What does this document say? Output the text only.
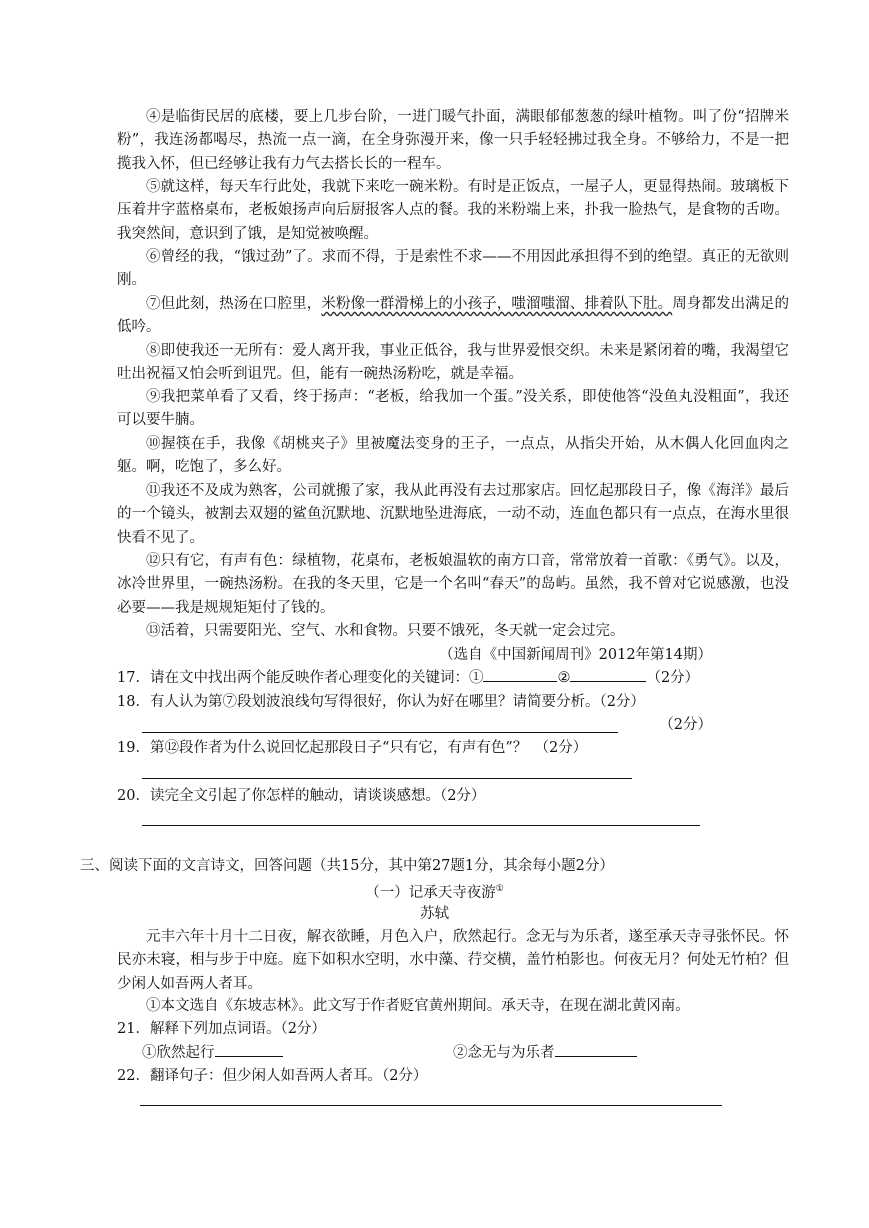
④是临街民居的底楼，要上几步台阶，一进门暖气扑面，满眼郁郁葱葱的绿叶植物。叫了份“招牌米粉”，我连汤都喝尽，热流一点一滴，在全身弥漫开来，像一只手轻轻拂过我全身。不够给力，不是一把揽我入怀，但已经够让我有力气去搭长长的一程车。

⑤就这样，每天车行此处，我就下来吃一碗米粉。有时是正饭点，一屋子人，更显得热闹。玻璃板下压着井字蓝格桌布，老板娘扬声向后厨报客人点的餐。我的米粉端上来，扑我一脸热气，是食物的舌吻。我突然间，意识到了饿，是知觉被唤醒。

⑥曾经的我，“饿过劲”了。求而不得，于是索性不求——不用因此承担得不到的绝望。真正的无欲则刚。

⑦但此刻，热汤在口腔里，米粉像一群滑梯上的小孩子，嗤溜嗤溜、排着队下肚。周身都发出满足的低吟。

⑧即使我还一无所有：爱人离开我，事业正低谷，我与世界爱恨交织。未来是紧闭着的嘴，我渴望它吐出祝福又怕会听到诅咒。但，能有一碗热汤粉吃，就是幸福。

⑨我把菜单看了又看，终于扬声：“老板，给我加一个蛋。”没关系，即使他答“没鱼丸没粗面”，我还可以要牛腩。

⑩握筷在手，我像《胡桃夹子》里被魔法变身的王子，一点点，从指尖开始，从木偶人化回血肉之躯。啊，吃饱了，多么好。

⑪我还不及成为熟客，公司就搬了家，我从此再没有去过那家店。回忆起那段日子，像《海洋》最后的一个镜头，被割去双翅的鲨鱼沉默地、沉默地坠进海底，一动不动，连血色都只有一点点，在海水里很快看不见了。

⑫只有它，有声有色：绿植物，花桌布，老板娘温软的南方口音，常常放着一首歌：《勇气》。以及，冰冷世界里，一碗热汤粉。在我的冬天里，它是一个名叫“春天”的岛屿。虽然，我不曾对它说感激，也没必要——我是规规矩矩付了钱的。

⑬活着，只需要阳光、空气、水和食物。只要不饿死，冬天就一定会过完。

（选自《中国新闻周刊》2012年第14期）
17．请在文中找出两个能反映作者心理变化的关键词：①	②	（2分）
18．有人认为第⑦段划波浪线句写得很好，你认为好在哪里？请简要分析。（2分）
（2分）
19．第⑫段作者为什么说回忆起那段日子“只有它，有声有色”？　（2分）
20．读完全文引起了你怎样的触动，请谈谈感想。（2分）
三、阅读下面的文言诗文，回答问题（共15分，其中第27题1分，其余每小题2分）
（一）记承天寺夜游①
苏轼

元丰六年十月十二日夜，解衣欲睡，月色入户，欣然起行。念无与为乐者，遂至承天寺寻张怀民。怀民亦未寝，相与步于中庭。庭下如积水空明，水中藻、荇交横，盖竹柏影也。何夜无月？何处无竹柏？但少闲人如吾两人者耳。

①本文选自《东坡志林》。此文写于作者贬官黄州期间。承天寺，在现在湖北黄冈南。
21．解释下列加点词语。（2分）
①欣然起行	②念无与为乐者
22．翻译句子：但少闲人如吾两人者耳。（2分）
